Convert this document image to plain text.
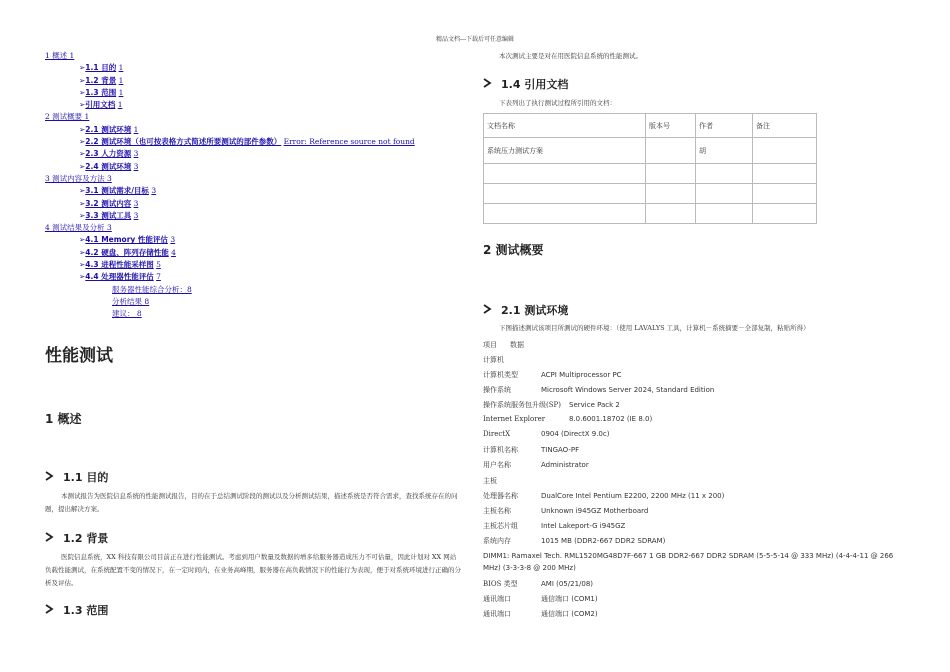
精品文档---下载后可任意编辑
1 概述 1
➢1.1 目的 1
➢1.2 背景 1
➢1.3 范围 1
➢引用文档 1
2 测试概要 1
➢2.1 测试环境 1
➢2.2 测试环境（也可按表格方式简述所要测试的部件参数） Error: Reference source not found
➢2.3 人力资源 3
➢2.4 测试环境 3
3 测试内容及方法 3
➢3.1 测试需求/目标 3
➢3.2 测试内容 3
➢3.3 测试工具 3
4 测试结果及分析 3
➢4.1 Memory 性能评估 3
➢4.2 硬盘、阵列存储性能 4
➢4.3 进程性能采样图 5
➢4.4 处理器性能评估 7
服务器性能综合分析：8
分析结果 8
建议： 8
性能测试
1 概述
1.1 目的
本测试报告为医院信息系统的性能测试报告，目的在于总结测试阶段的测试以及分析测试结果，描述系统是否符合需求，查找系统存在的问题，提出解决方案。
1.2 背景
医院信息系统，XX 科技有限公司目前正在进行性能测试。考虑到用户数量及数据的增多给服务器造成压力不可估量，因此计划对 XX 网站负载性能测试，在系统配置不变的情况下，在一定时间内，在业务高峰期，服务器在高负载情况下的性能行为表现，便于对系统环境进行正确的分析及评估。
1.3 范围
本次测试主要是对在用医院信息系统的性能测试。
1.4 引用文档
下表列出了执行测试过程所引用的文档：
文档名称	版本号	作者	备注
系统压力测试方案		胡	

2 测试概要
2.1 测试环境
下图描述测试该项目所测试的硬件环境：（使用 LAVALYS 工具，计算机－系统摘要－全部复制，粘贴所得）
项目 数据
计算机
计算机类型	ACPI Multiprocessor PC
操作系统	Microsoft Windows Server 2024, Standard Edition
操作系统服务包升级(SP) Service Pack 2
Internet Explorer	8.0.6001.18702 (IE 8.0)
DirectX	0904 (DirectX 9.0c)
计算机名称	TINGAO-PF
用户名称	Administrator
主板
处理器名称	DualCore Intel Pentium E2200, 2200 MHz (11 x 200)
主板名称	Unknown i945GZ Motherboard
主板芯片组	Intel Lakeport-G i945GZ
系统内存	1015 MB (DDR2-667 DDR2 SDRAM)
DIMM1: Ramaxel Tech. RML1520MG48D7F-667 1 GB DDR2-667 DDR2 SDRAM (5-5-5-14 @ 333 MHz) (4-4-4-11 @ 266 MHz) (3-3-3-8 @ 200 MHz)
BIOS 类型	AMI (05/21/08)
通讯端口	通信端口 (COM1)
通讯端口	通信端口 (COM2)
